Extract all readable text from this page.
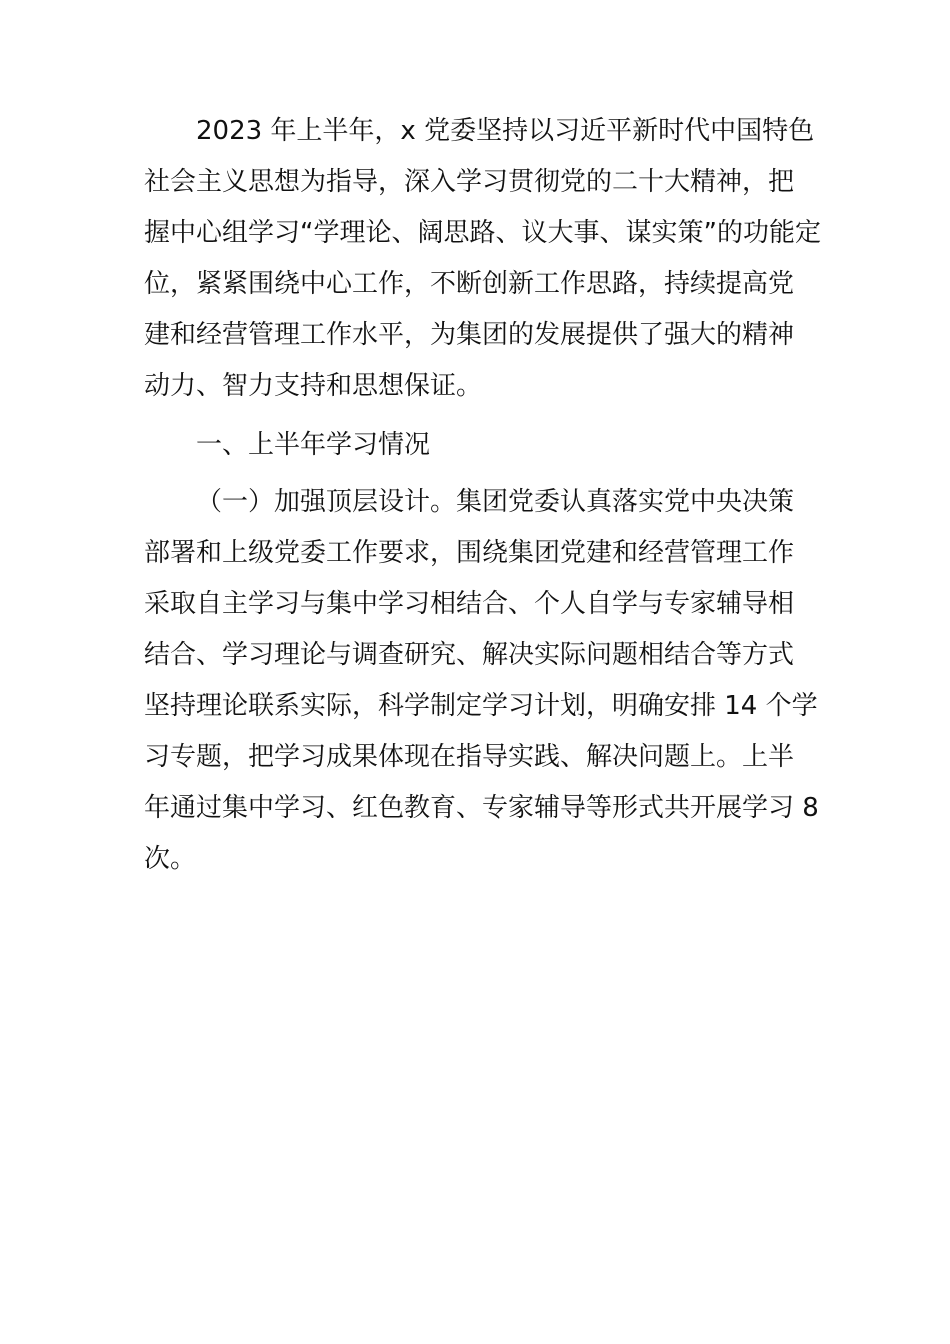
2023 年上半年，x 党委坚持以习近平新时代中国特色
社会主义思想为指导，深入学习贯彻党的二十大精神，把
握中心组学习“学理论、阔思路、议大事、谋实策”的功能定
位，紧紧围绕中心工作，不断创新工作思路，持续提高党
建和经营管理工作水平，为集团的发展提供了强大的精神
动力、智力支持和思想保证。
一、上半年学习情况
（一）加强顶层设计。集团党委认真落实党中央决策
部署和上级党委工作要求，围绕集团党建和经营管理工作
采取自主学习与集中学习相结合、个人自学与专家辅导相
结合、学习理论与调查研究、解决实际问题相结合等方式
坚持理论联系实际，科学制定学习计划，明确安排 14 个学
习专题，把学习成果体现在指导实践、解决问题上。上半
年通过集中学习、红色教育、专家辅导等形式共开展学习 8
次。
